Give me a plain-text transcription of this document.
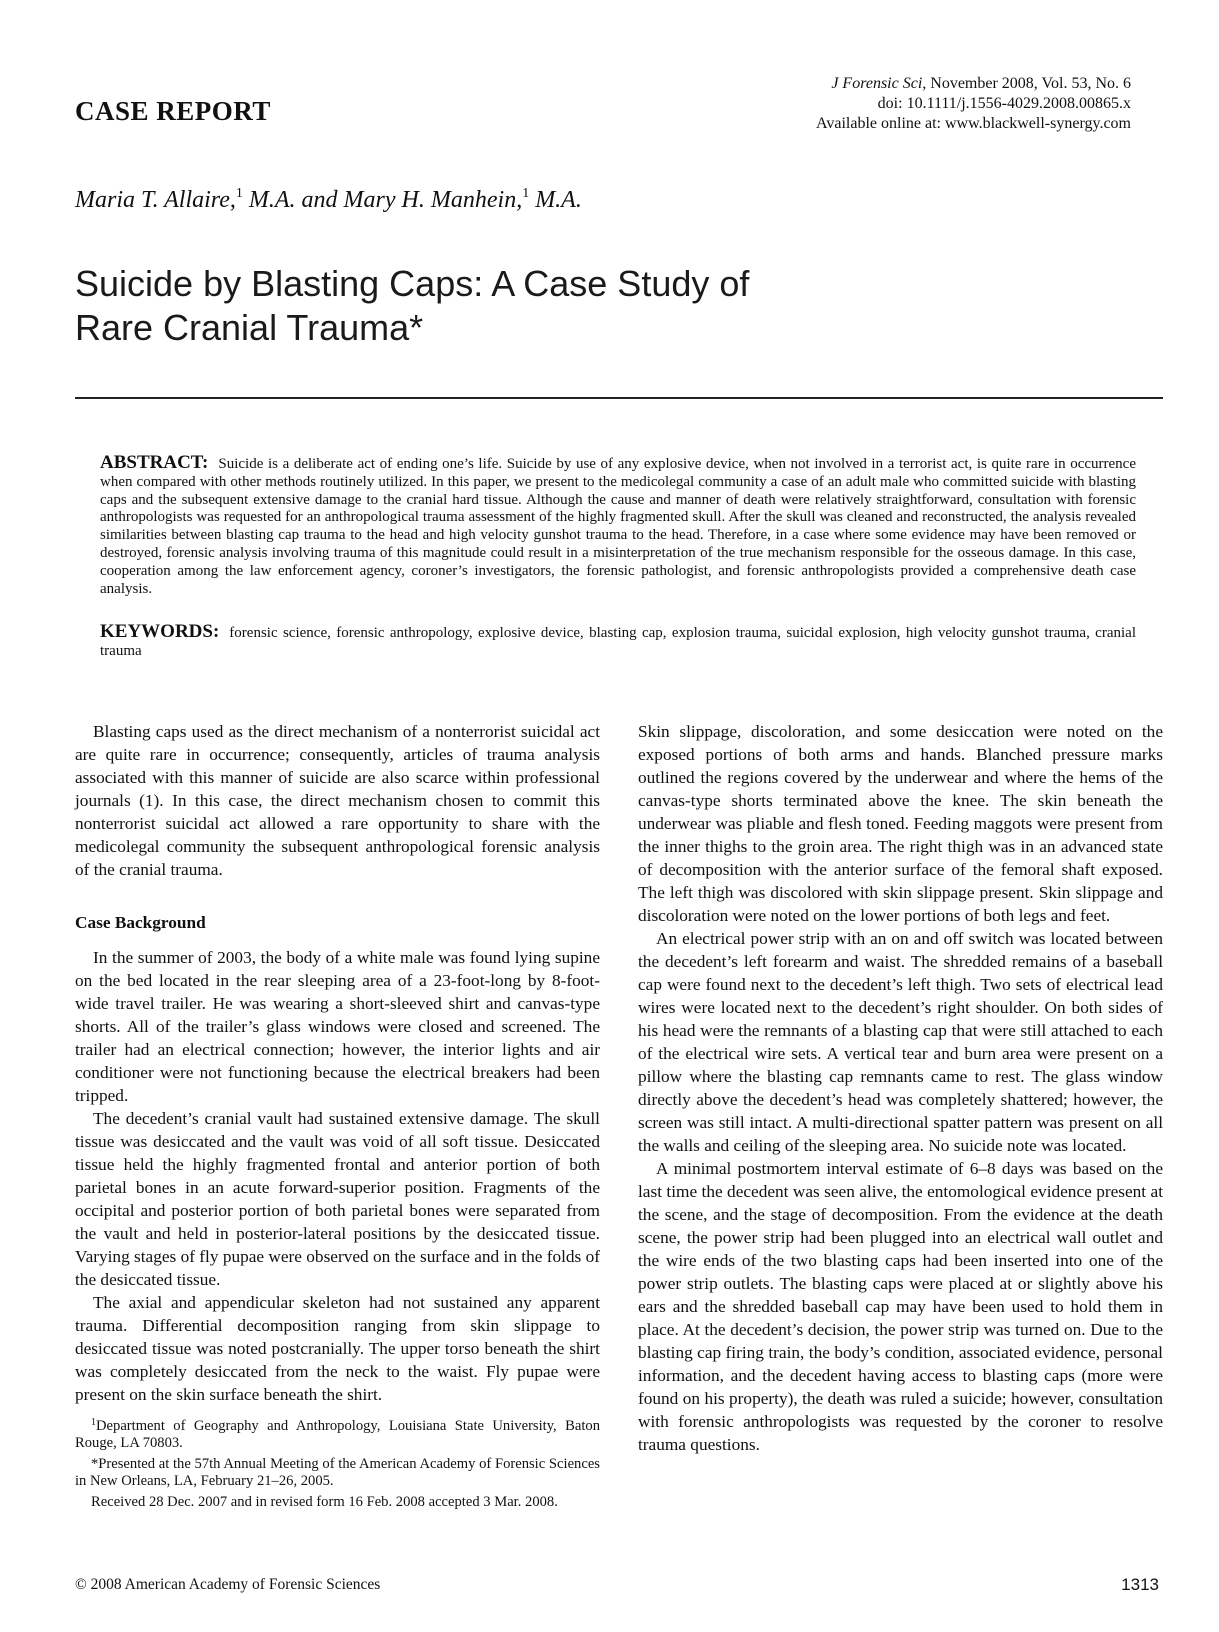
CASE REPORT
J Forensic Sci, November 2008, Vol. 53, No. 6
doi: 10.1111/j.1556-4029.2008.00865.x
Available online at: www.blackwell-synergy.com
Maria T. Allaire,$^1$ M.A. and Mary H. Manhein,$^1$ M.A.
Suicide by Blasting Caps: A Case Study of
Rare Cranial Trauma*
ABSTRACT: Suicide is a deliberate act of ending one’s life. Suicide by use of any explosive device, when not involved in a terrorist act, is quite rare in occurrence when compared with other methods routinely utilized. In this paper, we present to the medicolegal community a case of an adult male who committed suicide with blasting caps and the subsequent extensive damage to the cranial hard tissue. Although the cause and manner of death were relatively straightforward, consultation with forensic anthropologists was requested for an anthropological trauma assessment of the highly fragmented skull. After the skull was cleaned and reconstructed, the analysis revealed similarities between blasting cap trauma to the head and high velocity gunshot trauma to the head. Therefore, in a case where some evidence may have been removed or destroyed, forensic analysis involving trauma of this magnitude could result in a misinterpretation of the true mechanism responsible for the osseous damage. In this case, cooperation among the law enforcement agency, coroner’s investigators, the forensic pathologist, and forensic anthropologists provided a comprehensive death case analysis.
KEYWORDS: forensic science, forensic anthropology, explosive device, blasting cap, explosion trauma, suicidal explosion, high velocity gunshot trauma, cranial trauma

Blasting caps used as the direct mechanism of a nonterrorist suicidal act are quite rare in occurrence; consequently, articles of trauma analysis associated with this manner of suicide are also scarce within professional journals (1). In this case, the direct mechanism chosen to commit this nonterrorist suicidal act allowed a rare opportunity to share with the medicolegal community the subsequent anthropological forensic analysis of the cranial trauma.

Case Background

In the summer of 2003, the body of a white male was found lying supine on the bed located in the rear sleeping area of a 23-foot-long by 8-foot-wide travel trailer. He was wearing a short-sleeved shirt and canvas-type shorts. All of the trailer’s glass windows were closed and screened. The trailer had an electrical connection; however, the interior lights and air conditioner were not functioning because the electrical breakers had been tripped.

The decedent’s cranial vault had sustained extensive damage. The skull tissue was desiccated and the vault was void of all soft tissue. Desiccated tissue held the highly fragmented frontal and anterior portion of both parietal bones in an acute forward-superior position. Fragments of the occipital and posterior portion of both parietal bones were separated from the vault and held in posterior-lateral positions by the desiccated tissue. Varying stages of fly pupae were observed on the surface and in the folds of the desiccated tissue.

The axial and appendicular skeleton had not sustained any apparent trauma. Differential decomposition ranging from skin slippage to desiccated tissue was noted postcranially. The upper torso beneath the shirt was completely desiccated from the neck to the waist. Fly pupae were present on the skin surface beneath the shirt.

Skin slippage, discoloration, and some desiccation were noted on the exposed portions of both arms and hands. Blanched pressure marks outlined the regions covered by the underwear and where the hems of the canvas-type shorts terminated above the knee. The skin beneath the underwear was pliable and flesh toned. Feeding maggots were present from the inner thighs to the groin area. The right thigh was in an advanced state of decomposition with the anterior surface of the femoral shaft exposed. The left thigh was discolored with skin slippage present. Skin slippage and discoloration were noted on the lower portions of both legs and feet.

An electrical power strip with an on and off switch was located between the decedent’s left forearm and waist. The shredded remains of a baseball cap were found next to the decedent’s left thigh. Two sets of electrical lead wires were located next to the decedent’s right shoulder. On both sides of his head were the remnants of a blasting cap that were still attached to each of the electrical wire sets. A vertical tear and burn area were present on a pillow where the blasting cap remnants came to rest. The glass window directly above the decedent’s head was completely shattered; however, the screen was still intact. A multi-directional spatter pattern was present on all the walls and ceiling of the sleeping area. No suicide note was located.

A minimal postmortem interval estimate of 6–8 days was based on the last time the decedent was seen alive, the entomological evidence present at the scene, and the stage of decomposition. From the evidence at the death scene, the power strip had been plugged into an electrical wall outlet and the wire ends of the two blasting caps had been inserted into one of the power strip outlets. The blasting caps were placed at or slightly above his ears and the shredded baseball cap may have been used to hold them in place. At the decedent’s decision, the power strip was turned on. Due to the blasting cap firing train, the body’s condition, associated evidence, personal information, and the decedent having access to blasting caps (more were found on his property), the death was ruled a suicide; however, consultation with forensic anthropologists was requested by the coroner to resolve trauma questions.

$^1$Department of Geography and Anthropology, Louisiana State University, Baton Rouge, LA 70803.

*Presented at the 57th Annual Meeting of the American Academy of Forensic Sciences in New Orleans, LA, February 21–26, 2005.

Received 28 Dec. 2007 and in revised form 16 Feb. 2008 accepted 3 Mar. 2008.

© 2008 American Academy of Forensic Sciences	1313
